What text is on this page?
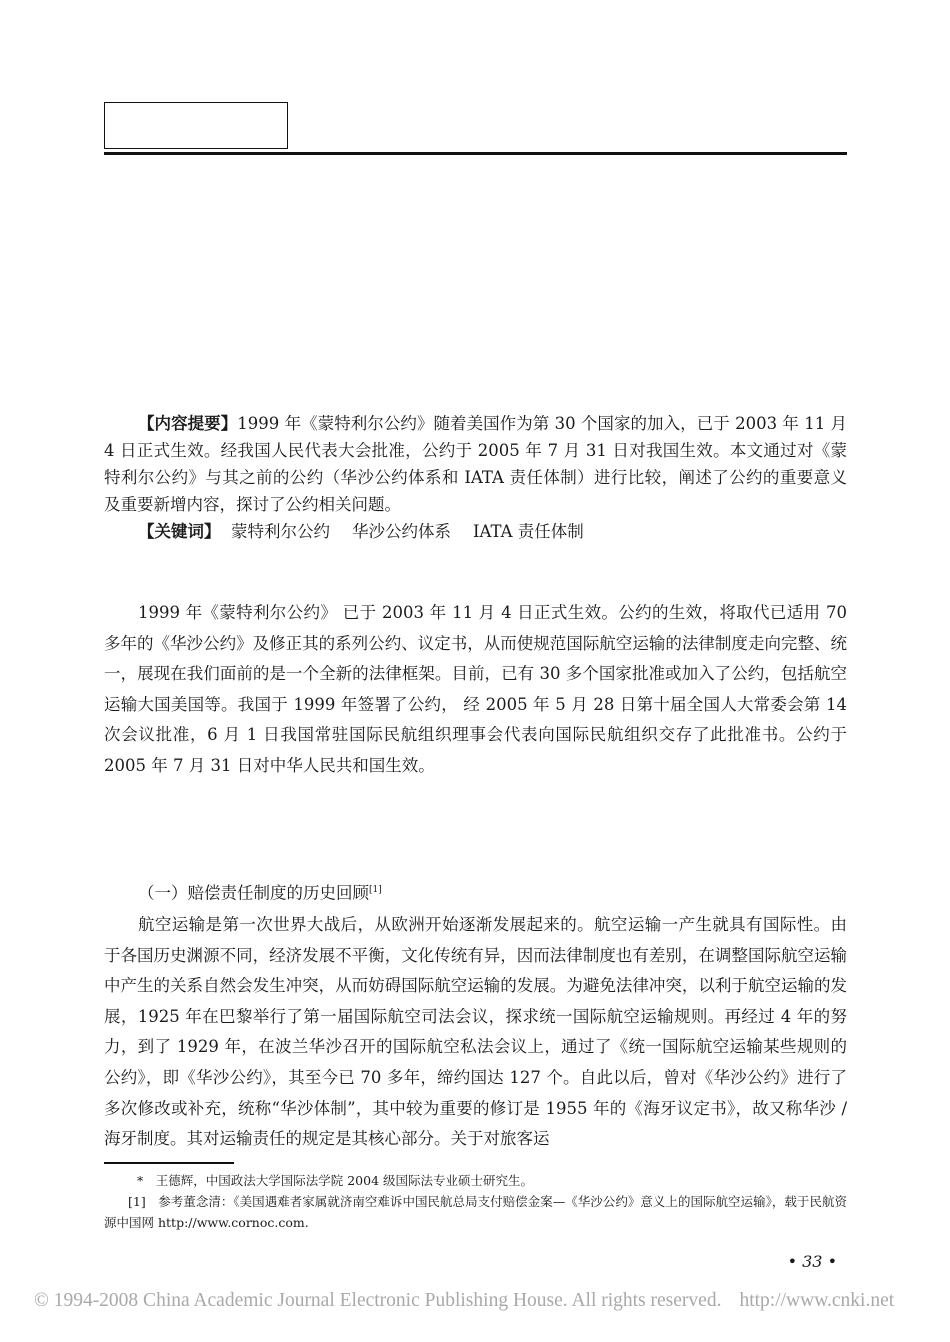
【内容提要】1999 年《蒙特利尔公约》随着美国作为第 30 个国家的加入，已于 2003 年 11 月 4 日正式生效。经我国人民代表大会批准，公约于 2005 年 7 月 31 日对我国生效。本文通过对《蒙特利尔公约》与其之前的公约（华沙公约体系和 IATA 责任体制）进行比较，阐述了公约的重要意义及重要新增内容，探讨了公约相关问题。

【关键词】 蒙特利尔公约 华沙公约体系 IATA 责任体制

1999 年《蒙特利尔公约》 已于 2003 年 11 月 4 日正式生效。公约的生效，将取代已适用 70 多年的《华沙公约》及修正其的系列公约、议定书，从而使规范国际航空运输的法律制度走向完整、统一，展现在我们面前的是一个全新的法律框架。目前，已有 30 多个国家批准或加入了公约，包括航空运输大国美国等。我国于 1999 年签署了公约， 经 2005 年 5 月 28 日第十届全国人大常委会第 14 次会议批准，6 月 1 日我国常驻国际民航组织理事会代表向国际民航组织交存了此批准书。公约于 2005 年 7 月 31 日对中华人民共和国生效。

（一）赔偿责任制度的历史回顾[1]

航空运输是第一次世界大战后，从欧洲开始逐渐发展起来的。航空运输一产生就具有国际性。由于各国历史渊源不同，经济发展不平衡，文化传统有异，因而法律制度也有差别，在调整国际航空运输中产生的关系自然会发生冲突，从而妨碍国际航空运输的发展。为避免法律冲突，以利于航空运输的发展，1925 年在巴黎举行了第一届国际航空司法会议，探求统一国际航空运输规则。再经过 4 年的努力，到了 1929 年，在波兰华沙召开的国际航空私法会议上，通过了《统一国际航空运输某些规则的公约》，即《华沙公约》，其至今已 70 多年，缔约国达 127 个。自此以后，曾对《华沙公约》进行了多次修改或补充，统称“华沙体制”，其中较为重要的修订是 1955 年的《海牙议定书》，故又称华沙 / 海牙制度。其对运输责任的规定是其核心部分。关于对旅客运

*　王德辉，中国政法大学国际法学院 2004 级国际法专业硕士研究生。

[1]　参考董念清：《美国遇难者家属就济南空难诉中国民航总局支付赔偿金案—《华沙公约》意义上的国际航空运输》，载于民航资源中国网 http://www.cornoc.com.

• 33 •
© 1994-2008 China Academic Journal Electronic Publishing House. All rights reserved. http://www.cnki.net
